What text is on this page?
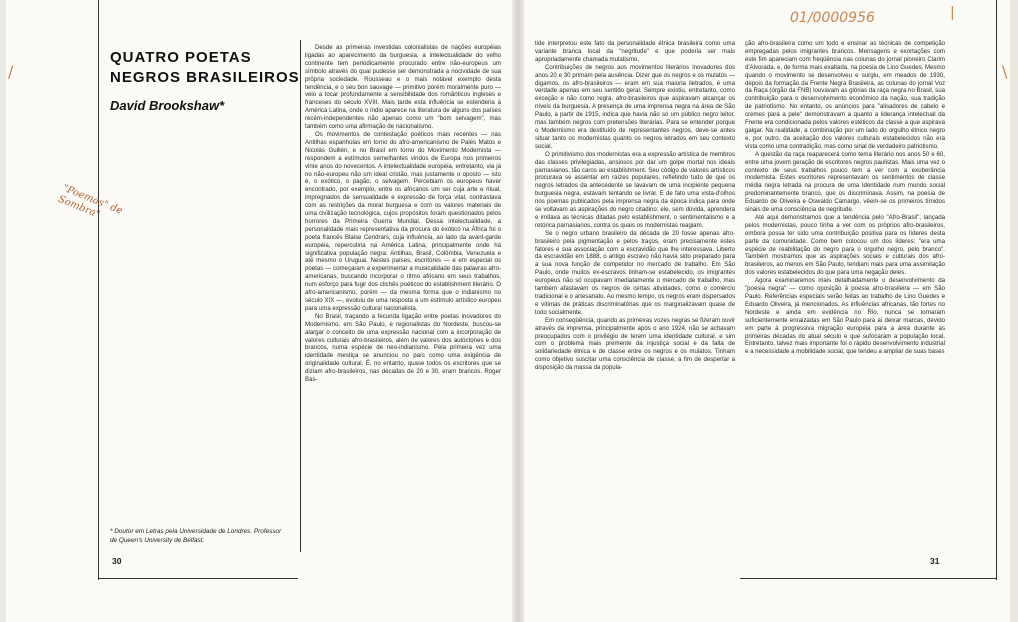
/	\
|
01/0000956
"Poemas" de Sombra"
QUATRO POETAS
NEGROS BRASILEIROS
David Brookshaw*

Desde as primeiras investidas colonialistas de nações européias ligadas ao aparecimento da burguesia, a intelectualidade do velho continente tem periodicamente procurado entre não-europeus um símbolo através do qual pudesse ser demonstrada a nocividade de sua própria sociedade. Rousseau e o mais notável exemplo desta tendência, e o seu bon sauvage — primitivo porém moralmente puro — veio a tocar profundamente a sensibilidade dos românticos ingleses e franceses do século XVIII. Mais tarde esta influência se estenderia à América Latina, onde o índio aparece na literatura de alguns dos países recém-independentes não apenas como um "bom selvagem", mas também como uma afirmação de nacionalismo.

Os movimentos de contestação poéticos mais recentes — nas Antilhas espanholas em torno do afro-americanismo de Palés Matos e Nicolás Guillén, e no Brasil em torno do Movimento Modernista — respondem a estímulos semelhantes vindos de Europa nos primeiros vinte anos do novecentos. A intelectualidade européia, entretanto, via já no não-europeu não um ideal cristão, mas justamente o oposto — isto é, o exótico, o pagão, o selvagem. Percebiam os europeus haver encontrado, por exemplo, entre os africanos um ser cuja arte e ritual, impregnados de sensualidade e expressão de força vital, contrastava com as restrições da moral burguesa e com os valores materiais de uma civilização tecnológica, cujos propósitos foram questionados pelos horrores da Primeira Guerra Mundial. Dessa intelectualidade, a personalidade mais representativa da procura do exótico na África foi o poeta francês Blaise Cendrars, cuja influência, ao lado da avant-garde européia, repercutiria na América Latina, principalmente onde há significativa população negra: Antilhas, Brasil, Colômbia, Venezuela e até mesmo o Uruguai. Nestes países, escritores — e em especial os poetas — começaram a experimentar a musicalidade das palavras afro-americanas, buscando incorporar o ritmo africano em seus trabalhos, num esforço para fugir dos clichês poéticos do establishment literário. O afro-americanismo, porém — da mesma forma que o indianismo no século XIX —, evoluiu de uma resposta a um estímulo artístico europeu para uma expressão cultural nacionalista.

No Brasil, traçando a fecunda ligação entre poetas inovadores do Modernismo, em São Paulo, e regionalistas do Nordeste, buscou-se alargar o conceito de uma expressão nacional com a incorporação de valores culturais afro-brasileiros, além de valores dos autóctones e dos brancos, numa espécie de neo-indianismo. Pela primeira vez uma identidade mestiça se anunciou no país como uma exigência de originalidade cultural. É, no entanto, quase todos os escritores que se diziam afro-brasileiros, nas décadas de 20 e 30, eram brancos. Roger Bas-

tide interpretou este fato da personalidade étnica brasileira como uma variante branca local da "negritude" e que poderia ser mais apropriadamente chamada mulatismo.

Contribuições de negros aos movimentos literários inovadores dos anos 20 e 30 primam pela ausência. Dizer que os negros e os mulatos — digamos, os afro-brasileiros — eram em sua maioria iletrados, é uma verdade apenas em seu sentido geral. Sempre existiu, entretanto, como exceção e não como regra, afro-brasileiros que aspiravam alcançar os níveis da burguesia. A presença de uma imprensa negra na área de São Paulo, a partir de 1915, indica que havia não só um público negro leitor, mas também negros com pretensões literárias. Para se entender porque o Modernismo era destituído de representantes negros, deve-se antes situar tanto os modernistas quanto os negros letrados em seu contexto social.

O primitivismo dos modernistas era a expressão artística de membros das classes privilegiadas, ansiosos por dar um golpe mortal nos ideais parnasianos, tão caros ao establishment. Seu código de valores artísticos procurava se assentar em raízes populares, refletindo tudo de que os negros letrados da antecedente se lavavam de uma incipiente pequena burguesia negra, estavam tentando se livrar. E de fato uma vista-d'olhos nos poemas publicados pela imprensa negra da época indica para onde se voltavam as aspirações do negro citadino: ele, sem dúvida, aprendera e imitava as técnicas ditadas pelo establishment, o sentimentalismo e a retórica parnasianos, contra os quais os modernistas reagiam.

Se o negro urbano brasileiro da década de 20 fosse apenas afro-brasileiro pela pigmentação e pelos traços, eram precisamente estes fatores e sua associação com a escravidão que lhe interessava. Liberto da escravidão em 1888, o antigo escravo não havia sido preparado para a sua nova função de competidor no mercado de trabalho. Em São Paulo, onde muitos ex-escravos tinham-se estabelecido, os imigrantes europeus não só ocupavam imediatamente o mercado de trabalho, mas também afastavam os negros de certas atividades, como o comércio tradicional e o artesanato. Ao mesmo tempo, os negros eram dispersados e vítimas de práticas discriminatórias que os marginalizavam quase de todo socialmente.

Em conseqüência, quando as primeiras vozes negras se fizeram ouvir através da imprensa, principalmente após o ano 1924, não se achavam preocupados com o privilégio de terem uma identidade cultural, e sim com o problema mais premente da injustiça social e da falta de solidariedade étnica e de classe entre os negros e os mulatos. Tinham como objetivo suscitar uma consciência de classe, a fim de despertar a disposição da massa da popula-

ção afro-brasileira como um todo e ensinar as técnicas de competição empregadas pelos imigrantes brancos. Mensagens e exortações com este fim apareciam com freqüência nas colunas do jornal pioneiro Clarim d'Alvorada, e, de forma mais exaltada, na poesia de Lino Guedes. Mesmo quando o movimento se desenvolveu e surgiu, em meados de 1930, depois da formação da Frente Negra Brasileira, as colunas do jornal Voz da Raça (órgão da FNB) louvavam as glórias da raça negra no Brasil, sua contribuição para o desenvolvimento econômico da nação, sua tradição de patriotismo. No entanto, os anúncios para "alisadores de cabelo e cremes para a pele" demonstravam a quanto a liderança intelectual da Frente era condicionada pelos valores estéticos da classe a que aspirava galgar. Na realidade, a combinação por um lado do orgulho étnico negro e, por outro, da aceitação dos valores culturais estabelecidos não era vista como uma contradição, mas como sinal de verdadeiro patriotismo.

A questão da raça reaparecerá como tema literário nos anos 50 e 60, entre uma jovem geração de escritores negros paulistas. Mais uma vez o contexto de seus trabalhos pouco tem a ver com a exuberância modernista. Estes escritores representavam os sentimentos de classe média negra letrada na procura de uma identidade num mundo social predominantemente branco, que os discriminava. Assim, na poesia de Eduardo de Oliveira e Oswaldo Camargo, vêem-se os primeiros tímidos sinais de uma consciência de negritude.

Até aqui demonstramos que a tendência pelo "Afro-Brasil", lançada pelos modernistas, pouco tinha a ver com os próprios afro-brasileiros, embora possa ter sido uma contribuição positiva para os líderes desta parte da comunidade. Como bem colocou um dos líderes: "era uma espécie de reabilitação do negro para o orgulho negro, pelo branco". Também mostramos que as aspirações sociais e culturais dos afro-brasileiros, ao menos em São Paulo, tendiam mais para uma assimilação dos valores estabelecidos do que para uma negação deles.

Agora examinaremos mais detalhadamente o desenvolvimento da "poesia negra" — como oposição à poesia afro-brasileira — em São Paulo. Referências especiais serão feitas ao trabalho de Lino Guedes e Eduardo Oliveira, já mencionados. As influências africanas, tão fortes no Nordeste e ainda em evidência no Rio, nunca se tornaram suficientemente enraizadas em São Paulo para aí deixar marcas, devido em parte à progressiva migração européia para a área durante as primeiras décadas do atual século e que sufocaram a população local. Entretanto, talvez mais importante foi o rápido desenvolvimento industrial e a necessidade a mobilidade social, que tendeu a ampliar de suas bases

* Doutor em Letras pela Universidade de Londres. Professor de Queen's University de Belfast.
30	31
